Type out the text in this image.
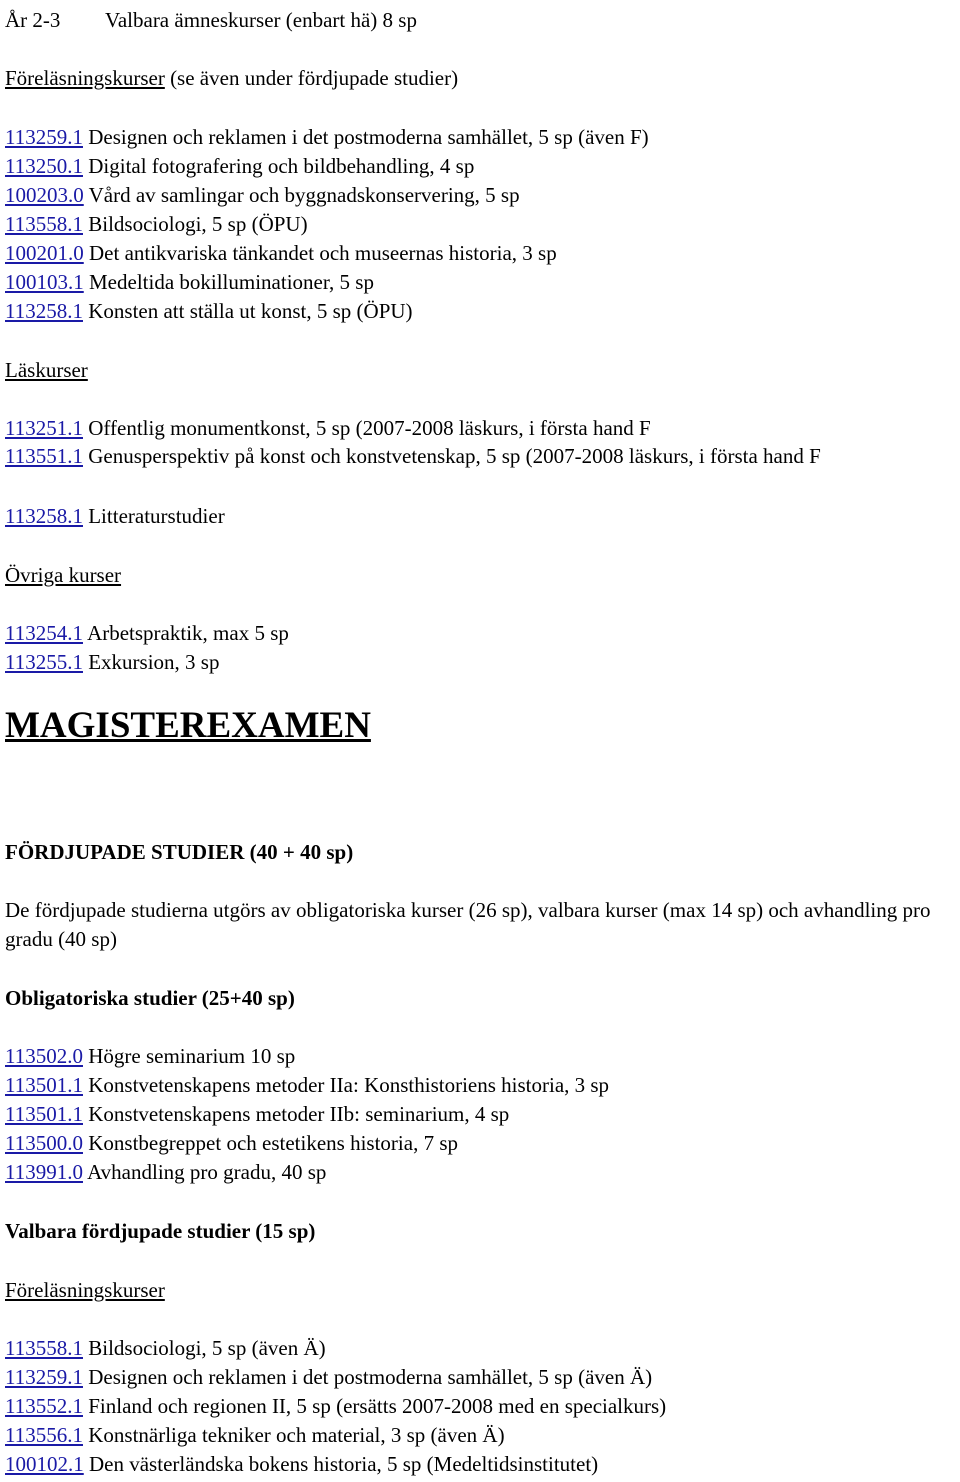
År 2-3 Valbara ämneskurser (enbart hä) 8 sp
Föreläsningskurser (se även under fördjupade studier)
113259.1 Designen och reklamen i det postmoderna samhället, 5 sp (även F)
113250.1 Digital fotografering och bildbehandling, 4 sp
100203.0 Vård av samlingar och byggnadskonservering, 5 sp
113558.1 Bildsociologi, 5 sp (ÖPU)
100201.0 Det antikvariska tänkandet och museernas historia, 3 sp
100103.1 Medeltida bokilluminationer, 5 sp
113258.1 Konsten att ställa ut konst, 5 sp (ÖPU)
Läskurser
113251.1 Offentlig monumentkonst, 5 sp (2007-2008 läskurs, i första hand F
113551.1 Genusperspektiv på konst och konstvetenskap, 5 sp (2007-2008 läskurs, i första hand F
113258.1 Litteraturstudier
Övriga kurser
113254.1 Arbetspraktik, max 5 sp
113255.1 Exkursion, 3 sp
MAGISTEREXAMEN
FÖRDJUPADE STUDIER (40 + 40 sp)
De fördjupade studierna utgörs av obligatoriska kurser (26 sp), valbara kurser (max 14 sp) och avhandling pro gradu (40 sp)
Obligatoriska studier (25+40 sp)
113502.0 Högre seminarium 10 sp
113501.1 Konstvetenskapens metoder IIa: Konsthistoriens historia, 3 sp
113501.1 Konstvetenskapens metoder IIb: seminarium, 4 sp
113500.0 Konstbegreppet och estetikens historia, 7 sp
113991.0 Avhandling pro gradu, 40 sp
Valbara fördjupade studier (15 sp)
Föreläsningskurser
113558.1 Bildsociologi, 5 sp (även Ä)
113259.1 Designen och reklamen i det postmoderna samhället, 5 sp (även Ä)
113552.1 Finland och regionen II, 5 sp (ersätts 2007-2008 med en specialkurs)
113556.1 Konstnärliga tekniker och material, 3 sp (även Ä)
100102.1 Den västerländska bokens historia, 5 sp (Medeltidsinstitutet)
